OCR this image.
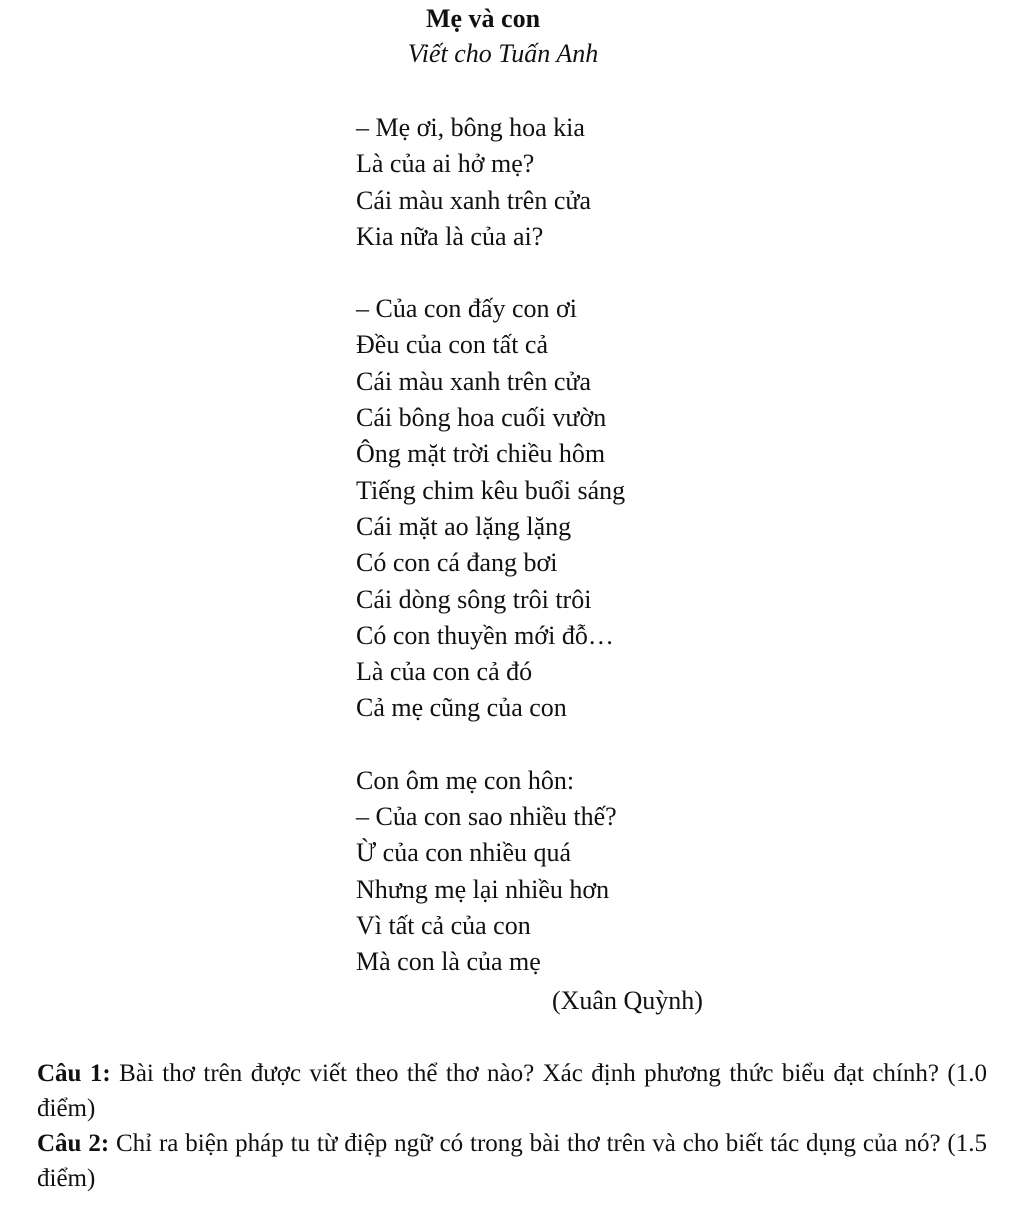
Mẹ và con
Viết cho Tuấn Anh
– Mẹ ơi, bông hoa kia
Là của ai hở mẹ?
Cái màu xanh trên cửa
Kia nữa là của ai?
– Của con đấy con ơi
Đều của con tất cả
Cái màu xanh trên cửa
Cái bông hoa cuối vườn
Ông mặt trời chiều hôm
Tiếng chim kêu buổi sáng
Cái mặt ao lặng lặng
Có con cá đang bơi
Cái dòng sông trôi trôi
Có con thuyền mới đỗ…
Là của con cả đó
Cả mẹ cũng của con
Con ôm mẹ con hôn:
– Của con sao nhiều thế?
Ừ của con nhiều quá
Nhưng mẹ lại nhiều hơn
Vì tất cả của con
Mà con là của mẹ
(Xuân Quỳnh)

Câu 1: Bài thơ trên được viết theo thể thơ nào? Xác định phương thức biểu đạt chính? (1.0 điểm)

Câu 2: Chỉ ra biện pháp tu từ điệp ngữ có trong bài thơ trên và cho biết tác dụng của nó? (1.5 điểm)
